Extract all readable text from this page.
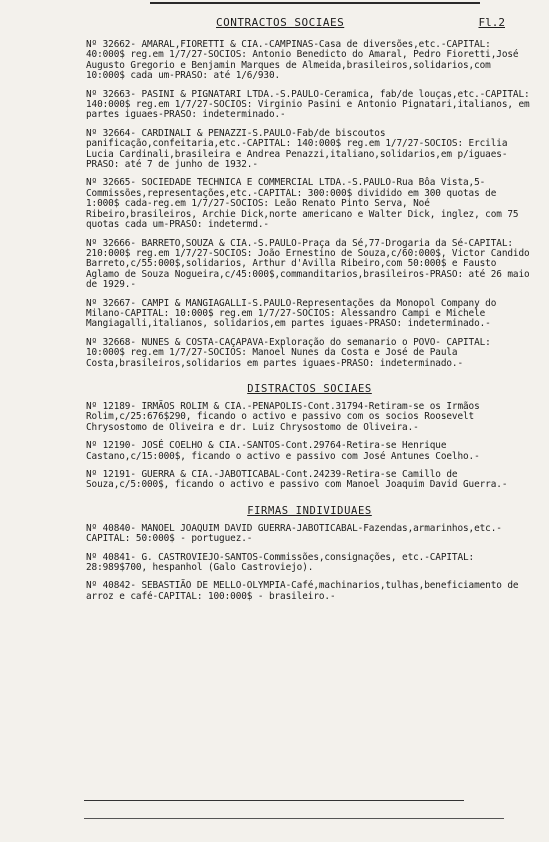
CONTRACTOS SOCIAES	Fl.2

Nº 32662- AMARAL,FIORETTI & CIA.-CAMPINAS-Casa de diversões,etc.-CAPITAL: 40:000$ reg.em 1/7/27-SOCIOS: Antonio Benedicto do Amaral, Pedro Fioretti,José Augusto Gregorio e Benjamin Marques de Almeida,brasileiros,solidarios,com 10:000$ cada um-PRASO: até 1/6/930.

Nº 32663- PASINI & PIGNATARI LTDA.-S.PAULO-Ceramica, fab/de louças,etc.-CAPITAL: 140:000$ reg.em 1/7/27-SOCIOS: Virginio Pasini e Antonio Pignatari,italianos, em partes iguaes-PRASO: indeterminado.-

Nº 32664- CARDINALI & PENAZZI-S.PAULO-Fab/de biscoutos panificação,confeitaria,etc.-CAPITAL: 140:000$ reg.em 1/7/27-SOCIOS: Ercilia Lucia Cardinali,brasileira e Andrea Penazzi,italiano,solidarios,em p/iguaes-PRASO: até 7 de junho de 1932.-

Nº 32665- SOCIEDADE TECHNICA E COMMERCIAL LTDA.-S.PAULO-Rua Bôa Vista,5-Commissões,representações,etc.-CAPITAL: 300:000$ dividido em 300 quotas de 1:000$ cada-reg.em 1/7/27-SOCIOS: Leão Renato Pinto Serva, Noé Ribeiro,brasileiros, Archie Dick,norte americano e Walter Dick, inglez, com 75 quotas cada um-PRASO: indetermd.-

Nº 32666- BARRETO,SOUZA & CIA.-S.PAULO-Praça da Sé,77-Drogaria da Sé-CAPITAL: 210:000$ reg.em 1/7/27-SOCIOS: João Ernestino de Souza,c/60:000$, Victor Candido Barreto,c/55:000$,solidarios, Arthur d'Avilla Ribeiro,com 50:000$ e Fausto Aglamo de Souza Nogueira,c/45:000$,commanditarios,brasileiros-PRASO: até 26 maio de 1929.-

Nº 32667- CAMPI & MANGIAGALLI-S.PAULO-Representações da Monopol Company do Milano-CAPITAL: 10:000$ reg.em 1/7/27-SOCIOS: Alessandro Campi e Michele Mangiagalli,italianos, solidarios,em partes iguaes-PRASO: indeterminado.-

Nº 32668- NUNES & COSTA-CAÇAPAVA-Exploração do semanario o POVO- CAPITAL: 10:000$ reg.em 1/7/27-SOCIOS: Manoel Nunes da Costa e José de Paula Costa,brasileiros,solidarios em partes iguaes-PRASO: indeterminado.-

DISTRACTOS SOCIAES

Nº 12189- IRMÃOS ROLIM & CIA.-PENAPOLIS-Cont.31794-Retiram-se os Irmãos Rolim,c/25:676$290, ficando o activo e passivo com os socios Roosevelt Chrysostomo de Oliveira e dr. Luiz Chrysostomo de Oliveira.-

Nº 12190- JOSÉ COELHO & CIA.-SANTOS-Cont.29764-Retira-se Henrique Castano,c/15:000$, ficando o activo e passivo com José Antunes Coelho.-

Nº 12191- GUERRA & CIA.-JABOTICABAL-Cont.24239-Retira-se Camillo de Souza,c/5:000$, ficando o activo e passivo com Manoel Joaquim David Guerra.-

FIRMAS INDIVIDUAES

Nº 40840- MANOEL JOAQUIM DAVID GUERRA-JABOTICABAL-Fazendas,armarinhos,etc.-CAPITAL: 50:000$ - portuguez.-

Nº 40841- G. CASTROVIEJO-SANTOS-Commissões,consignações, etc.-CAPITAL: 28:989$700, hespanhol (Galo Castroviejo).

Nº 40842- SEBASTIÃO DE MELLO-OLYMPIA-Café,machinarios,tulhas,beneficiamento de arroz e café-CAPITAL: 100:000$ - brasileiro.-
